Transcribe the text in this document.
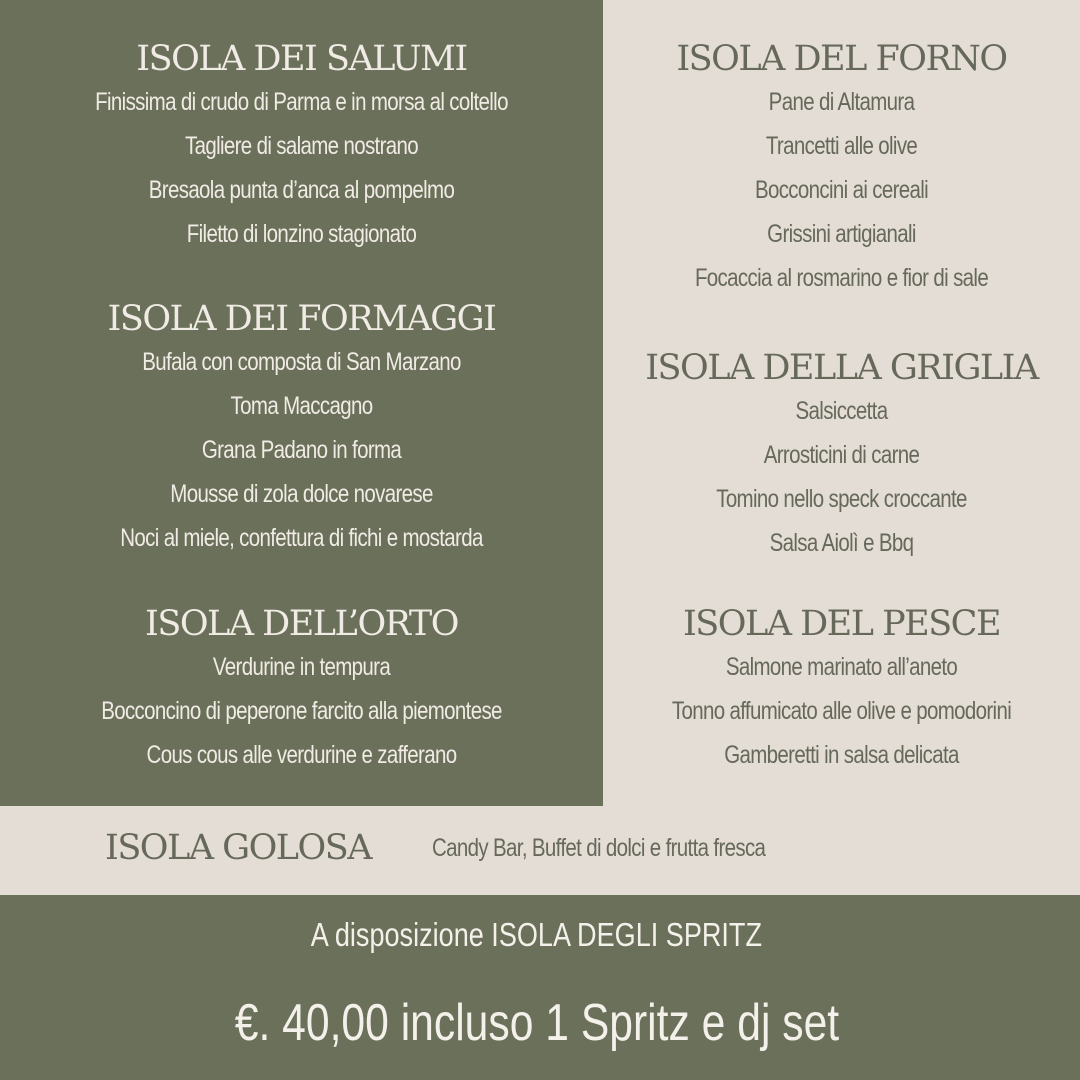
ISOLA DEI SALUMI
Finissima di crudo di Parma e in morsa al coltello
Tagliere di salame nostrano
Bresaola punta d’anca al pompelmo
Filetto di lonzino stagionato
ISOLA DEI FORMAGGI
Bufala con composta di San Marzano
Toma Maccagno
Grana Padano in forma
Mousse di zola dolce novarese
Noci al miele, confettura di fichi e mostarda
ISOLA DELL’ORTO
Verdurine in tempura
Bocconcino di peperone farcito alla piemontese
Cous cous alle verdurine e zafferano
ISOLA DEL FORNO
Pane di Altamura
Trancetti alle olive
Bocconcini ai cereali
Grissini artigianali
Focaccia al rosmarino e fior di sale
ISOLA DELLA GRIGLIA
Salsiccetta
Arrosticini di carne
Tomino nello speck croccante
Salsa Aiolì e Bbq
ISOLA DEL PESCE
Salmone marinato all’aneto
Tonno affumicato alle olive e pomodorini
Gamberetti in salsa delicata
ISOLA GOLOSA Candy Bar, Buffet di dolci e frutta fresca
A disposizione ISOLA DEGLI SPRITZ
€. 40,00 incluso 1 Spritz e dj set
